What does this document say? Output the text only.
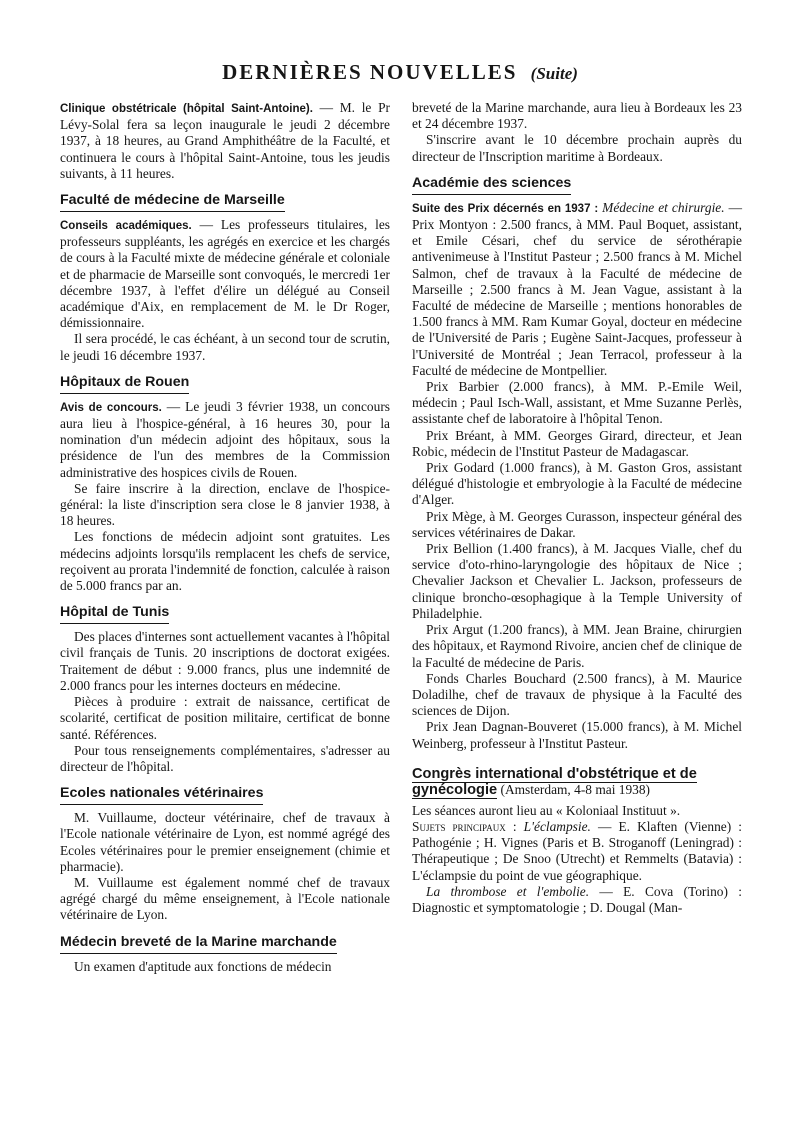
DERNIÈRES NOUVELLES (Suite)

Clinique obstétricale (hôpital Saint-Antoine). — M. le Pr Lévy-Solal fera sa leçon inaugurale le jeudi 2 décembre 1937, à 18 heures, au Grand Amphithéâtre de la Faculté, et continuera le cours à l'hôpital Saint-Antoine, tous les jeudis suivants, à 11 heures.

Faculté de médecine de Marseille

Conseils académiques. — Les professeurs titulaires, les professeurs suppléants, les agrégés en exercice et les chargés de cours à la Faculté mixte de médecine générale et coloniale et de pharmacie de Marseille sont convoqués, le mercredi 1er décembre 1937, à l'effet d'élire un délégué au Conseil académique d'Aix, en remplacement de M. le Dr Roger, démissionnaire.

Il sera procédé, le cas échéant, à un second tour de scrutin, le jeudi 16 décembre 1937.

Hôpitaux de Rouen

Avis de concours. — Le jeudi 3 février 1938, un concours aura lieu à l'hospice-général, à 16 heures 30, pour la nomination d'un médecin adjoint des hôpitaux, sous la présidence de l'un des membres de la Commission administrative des hospices civils de Rouen.

Se faire inscrire à la direction, enclave de l'hospice-général: la liste d'inscription sera close le 8 janvier 1938, à 18 heures.

Les fonctions de médecin adjoint sont gratuites. Les médecins adjoints lorsqu'ils remplacent les chefs de service, reçoivent au prorata l'indemnité de fonction, calculée à raison de 5.000 francs par an.

Hôpital de Tunis

Des places d'internes sont actuellement vacantes à l'hôpital civil français de Tunis. 20 inscriptions de doctorat exigées. Traitement de début : 9.000 francs, plus une indemnité de 2.000 francs pour les internes docteurs en médecine.

Pièces à produire : extrait de naissance, certificat de scolarité, certificat de position militaire, certificat de bonne santé. Références.

Pour tous renseignements complémentaires, s'adresser au directeur de l'hôpital.

Ecoles nationales vétérinaires

M. Vuillaume, docteur vétérinaire, chef de travaux à l'Ecole nationale vétérinaire de Lyon, est nommé agrégé des Ecoles vétérinaires pour le premier enseignement (chimie et pharmacie).

M. Vuillaume est également nommé chef de travaux agrégé chargé du même enseignement, à l'Ecole nationale vétérinaire de Lyon.

Médecin breveté de la Marine marchande

Un examen d'aptitude aux fonctions de médecin

breveté de la Marine marchande, aura lieu à Bordeaux les 23 et 24 décembre 1937.

S'inscrire avant le 10 décembre prochain auprès du directeur de l'Inscription maritime à Bordeaux.

Académie des sciences

Suite des Prix décernés en 1937 : Médecine et chirurgie. — Prix Montyon : 2.500 francs, à MM. Paul Boquet, assistant, et Emile Césari, chef du service de sérothérapie antivenimeuse à l'Institut Pasteur ; 2.500 francs à M. Michel Salmon, chef de travaux à la Faculté de médecine de Marseille ; 2.500 francs à M. Jean Vague, assistant à la Faculté de médecine de Marseille ; mentions honorables de 1.500 francs à MM. Ram Kumar Goyal, docteur en médecine de l'Université de Paris ; Eugène Saint-Jacques, professeur à l'Université de Montréal ; Jean Terracol, professeur à la Faculté de médecine de Montpellier.

Prix Barbier (2.000 francs), à MM. P.-Emile Weil, médecin ; Paul Isch-Wall, assistant, et Mme Suzanne Perlès, assistante chef de laboratoire à l'hôpital Tenon.

Prix Bréant, à MM. Georges Girard, directeur, et Jean Robic, médecin de l'Institut Pasteur de Madagascar.

Prix Godard (1.000 francs), à M. Gaston Gros, assistant délégué d'histologie et embryologie à la Faculté de médecine d'Alger.

Prix Mège, à M. Georges Curasson, inspecteur général des services vétérinaires de Dakar.

Prix Bellion (1.400 francs), à M. Jacques Vialle, chef du service d'oto-rhino-laryngologie des hôpitaux de Nice ; Chevalier Jackson et Chevalier L. Jackson, professeurs de clinique broncho-œsophagique à la Temple University of Philadelphie.

Prix Argut (1.200 francs), à MM. Jean Braine, chirurgien des hôpitaux, et Raymond Rivoire, ancien chef de clinique de la Faculté de médecine de Paris.

Fonds Charles Bouchard (2.500 francs), à M. Maurice Doladilhe, chef de travaux de physique à la Faculté des sciences de Dijon.

Prix Jean Dagnan-Bouveret (15.000 francs), à M. Michel Weinberg, professeur à l'Institut Pasteur.

Congrès international d'obstétrique et de
gynécologie (Amsterdam, 4-8 mai 1938)

Les séances auront lieu au « Koloniaal Instituut ».

Sujets principaux : L'éclampsie. — E. Klaften (Vienne) : Pathogénie ; H. Vignes (Paris et B. Stroganoff (Leningrad) : Thérapeutique ; De Snoo (Utrecht) et Remmelts (Batavia) : L'éclampsie du point de vue géographique.

La thrombose et l'embolie. — E. Cova (Torino) : Diagnostic et symptomatologie ; D. Dougal (Man-
